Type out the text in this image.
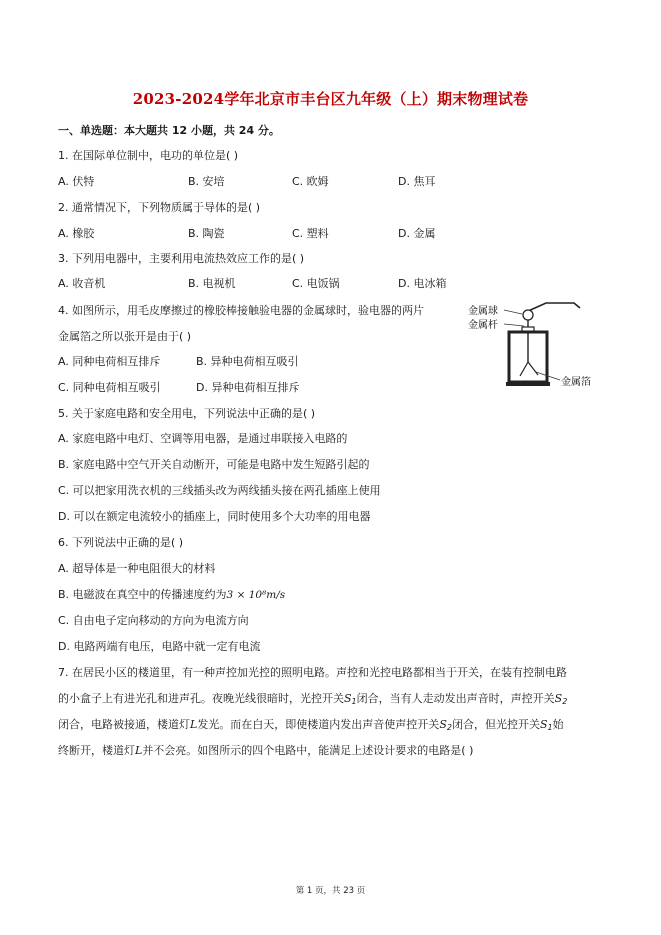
2023-2024学年北京市丰台区九年级（上）期末物理试卷
一、单选题：本大题共 12 小题，共 24 分。
1. 在国际单位制中，电功的单位是( )
A. 伏特	B. 安培	C. 欧姆	D. 焦耳
2. 通常情况下，下列物质属于导体的是( )
A. 橡胶	B. 陶瓷	C. 塑料	D. 金属
3. 下列用电器中，主要利用电流热效应工作的是( )
A. 收音机	B. 电视机	C. 电饭锅	D. 电冰箱
4. 如图所示，用毛皮摩擦过的橡胶棒接触验电器的金属球时，验电器的两片
金属箔之所以张开是由于( )
A. 同种电荷相互排斥	B. 异种电荷相互吸引
C. 同种电荷相互吸引	D. 异种电荷相互排斥
金属球
金属杆
金属箔
5. 关于家庭电路和安全用电，下列说法中正确的是( )
A. 家庭电路中电灯、空调等用电器，是通过串联接入电路的
B. 家庭电路中空气开关自动断开，可能是电路中发生短路引起的
C. 可以把家用洗衣机的三线插头改为两线插头接在两孔插座上使用
D. 可以在额定电流较小的插座上，同时使用多个大功率的用电器
6. 下列说法中正确的是( )
A. 超导体是一种电阻很大的材料
B. 电磁波在真空中的传播速度约为3 × 10⁸m/s
C. 自由电子定向移动的方向为电流方向
D. 电路两端有电压，电路中就一定有电流
7. 在居民小区的楼道里，有一种声控加光控的照明电路。声控和光控电路都相当于开关，在装有控制电路
的小盒子上有进光孔和进声孔。夜晚光线很暗时，光控开关$S_1$闭合，当有人走动发出声音时，声控开关$S_2$
闭合，电路被接通，楼道灯L发光。而在白天，即使楼道内发出声音使声控开关$S_2$闭合，但光控开关$S_1$始
终断开，楼道灯L并不会亮。如图所示的四个电路中，能满足上述设计要求的电路是( )
第 1 页，共 23 页
